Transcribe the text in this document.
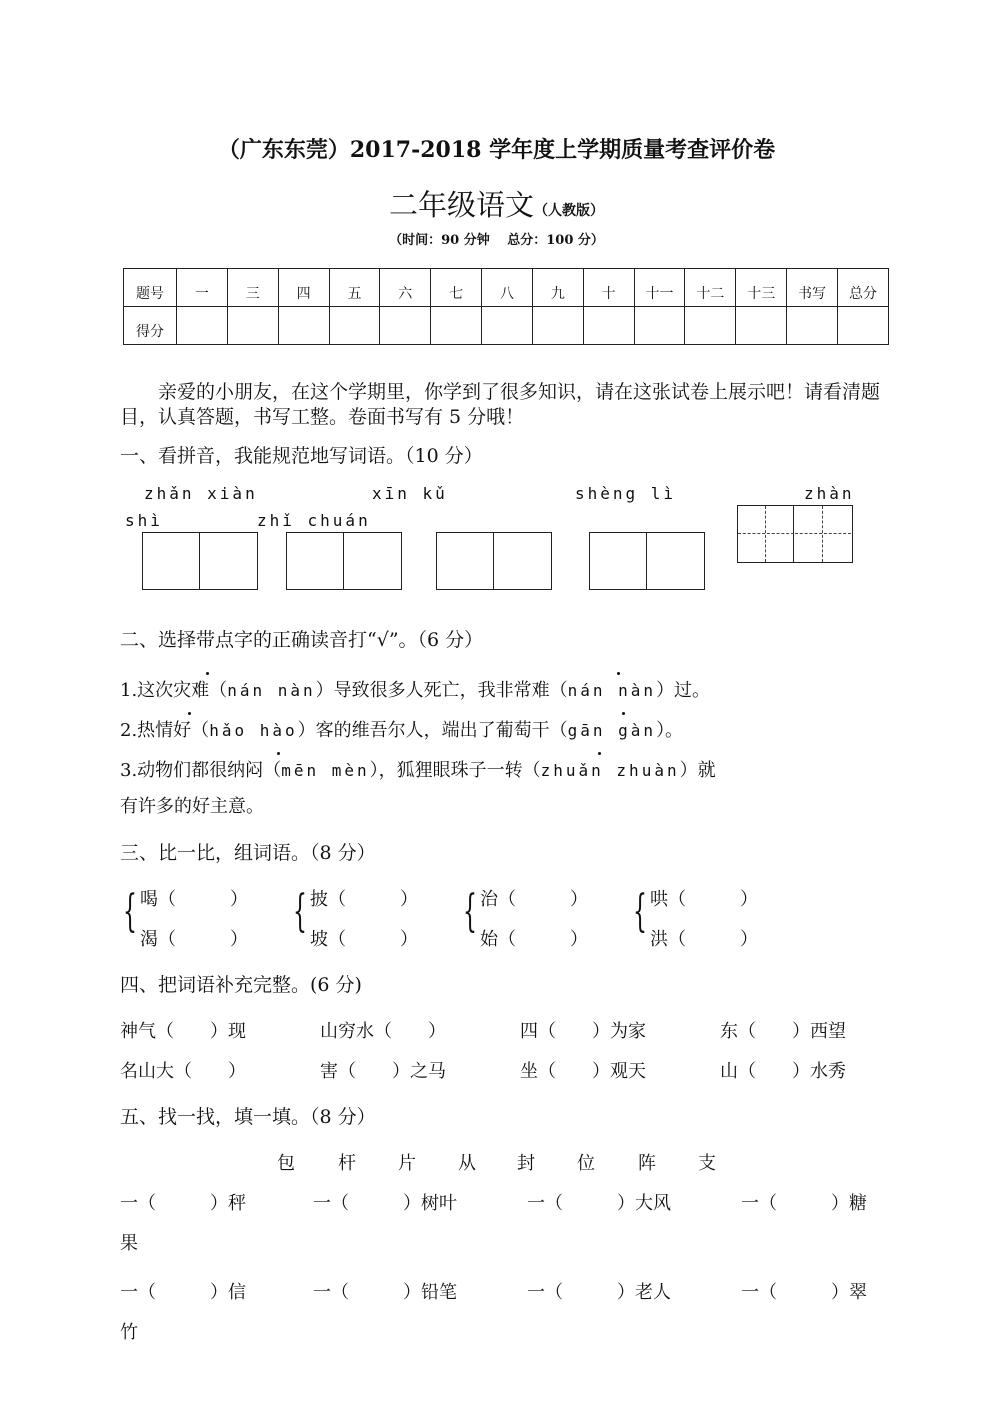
（广东东莞）2017-2018 学年度上学期质量考查评价卷
二年级语文（人教版）
（时间：90 分钟　 总分：100 分）
题号	一	三	四	五	六	七	八	九	十	十一	十二	十三	书写	总分
得分														
亲爱的小朋友，在这个学期里，你学到了很多知识，请在这张试卷上展示吧！请看清题目，认真答题，书写工整。卷面书写有 5 分哦！
一、看拼音，我能规范地写词语。（10 分）
zhǎn xiàn	xīn kǔ	shèng lì	zhàn
shì	zhǐ chuán
二、选择带点字的正确读音打“√”。（6 分）
1.这次灾难（nán nàn）导致很多人死亡，我非常难（nán nàn）过。
2.热情好（hǎo hào）客的维吾尔人，端出了葡萄干（gān gàn）。
3.动物们都很纳闷（mēn mèn），狐狸眼珠子一转（zhuǎn zhuàn）就
有许多的好主意。
三、比一比，组词语。（8 分）
{ 喝（　　　）
渴（　　　）
{ 披（　　　）
坡（　　　）
{ 治（　　　）
始（　　　）
{ 哄（　　　）
洪（　　　）
四、把词语补充完整。(6 分)
神气（　　）现	山穷水（　　）	四（　　）为家	东（　　）西望
名山大（　　）	害（　　）之马	坐（　　）观天	山（　　）水秀
五、找一找，填一填。（8 分）
包 杆 片 从 封 位 阵 支
一（　　　）秤	一（　　　）树叶	一（　　　）大风	一（　　　）糖
果
一（　　　）信	一（　　　）铅笔	一（　　　）老人	一（　　　）翠
竹
